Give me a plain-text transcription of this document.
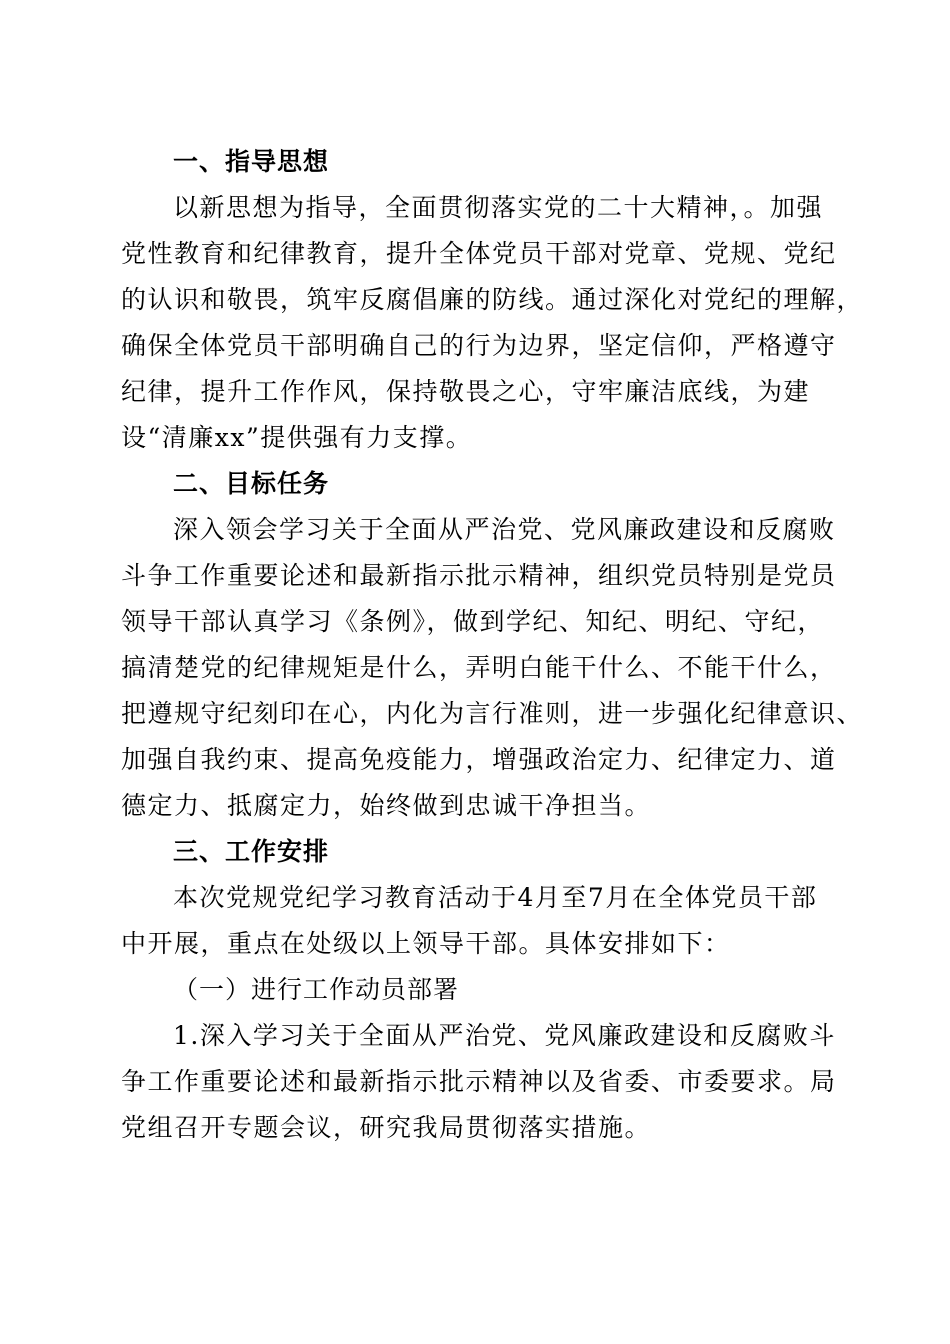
一、指导思想
以新思想为指导，全面贯彻落实党的二十大精神，。加强
党性教育和纪律教育，提升全体党员干部对党章、党规、党纪
的认识和敬畏，筑牢反腐倡廉的防线。通过深化对党纪的理解，
确保全体党员干部明确自己的行为边界，坚定信仰，严格遵守
纪律，提升工作作风，保持敬畏之心，守牢廉洁底线，为建
设“清廉xx”提供强有力支撑。
二、目标任务
深入领会学习关于全面从严治党、党风廉政建设和反腐败
斗争工作重要论述和最新指示批示精神，组织党员特别是党员
领导干部认真学习《条例》，做到学纪、知纪、明纪、守纪，
搞清楚党的纪律规矩是什么，弄明白能干什么、不能干什么，
把遵规守纪刻印在心，内化为言行准则，进一步强化纪律意识、
加强自我约束、提高免疫能力，增强政治定力、纪律定力、道
德定力、抵腐定力，始终做到忠诚干净担当。
三、工作安排
本次党规党纪学习教育活动于4月至7月在全体党员干部
中开展，重点在处级以上领导干部。具体安排如下：
（一）进行工作动员部署
1.深入学习关于全面从严治党、党风廉政建设和反腐败斗
争工作重要论述和最新指示批示精神以及省委、市委要求。局
党组召开专题会议，研究我局贯彻落实措施。
